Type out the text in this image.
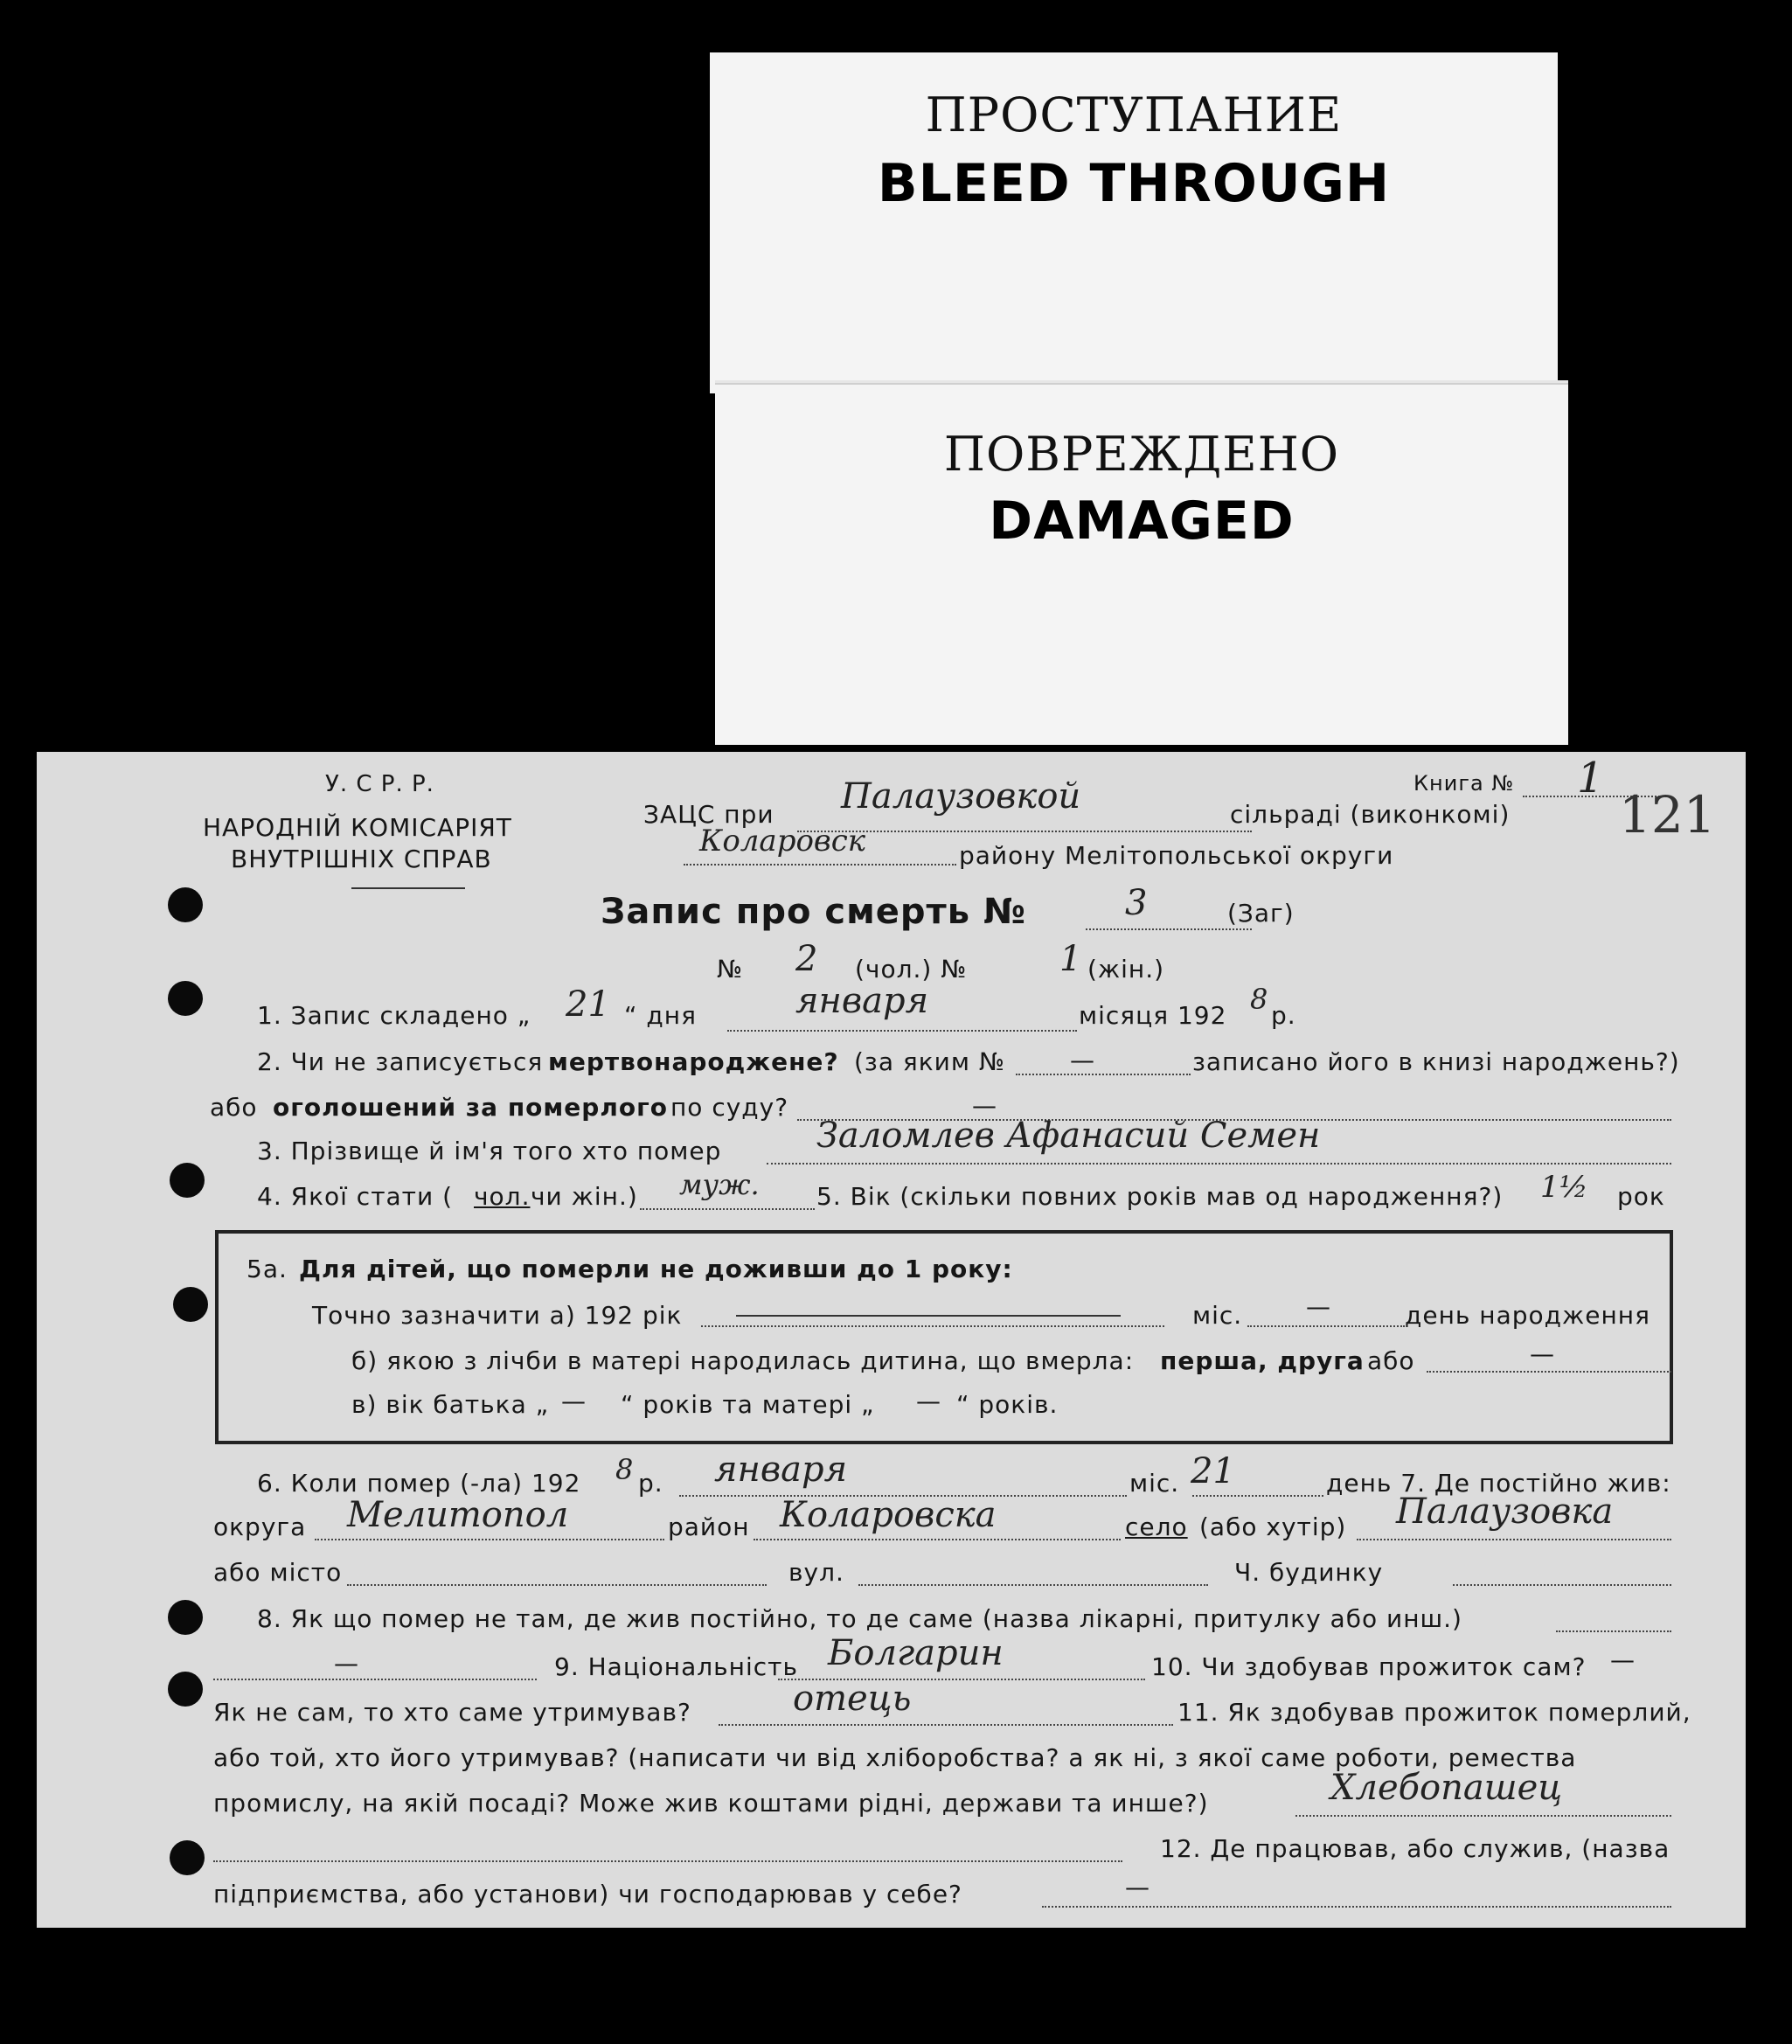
ПРОСТУПАНИЕ
BLEED THROUGH
ПОВРЕЖДЕНО
DAMAGED
У. С Р. Р.
НАРОДНІЙ КОМІСАРІЯТ
ВНУТРІШНІХ СПРАВ
ЗАЦС при Палаузовкой	сільраді (виконкомі)
Коларовск	району Мелітопольської округи
Книга № 1
121
Запис про смерть №	3	(Заг)
№ 2 (чол.) №	1 (жін.)
1. Запис складено „ 21 “ дня	января	місяця 192 8 р.
2. Чи не записується мертвонароджене? (за яким №	—	записано його в книзі народжень?)
або оголошений за померлого по суду?	—
3. Прізвище й ім'я того хто помер	Заломлев Афанасий Семен
4. Якої стати ( чол. чи жін.) муж. 5. Вік (скільки повних років мав од народження?) 1½ рок
5а. Для дітей, що померли не доживши до 1 року:
Точно зазначити а) 192 рік	міс.	—	день народження
б) якою з лічби в матері народилась дитина, що вмерла: перша, друга або	—
в) вік батька „ — “ років та матері „ — “ років.
6. Коли помер (-ла) 192 8 р. января	міс. 21	день 7. Де постійно жив:
округа Мелитопол	район Коларовска	село (або хутір) Палаузовка
або місто	вул.	Ч. будинку
8. Як що помер не там, де жив постійно, то де саме (назва лікарні, притулку або инш.)
—	9. Національність Болгарин	10. Чи здобував прожиток сам? —
Як не сам, то хто саме утримував?	отець	11. Як здобував прожиток померлий,
або той, хто його утримував? (написати чи від хліборобства? а як ні, з якої саме роботи, ремества
промислу, на якій посаді? Може жив коштами рідні, держави та инше?)	Хлебопашец
12. Де працював, або служив, (назва
підприємства, або установи) чи господарював у себе?	—
